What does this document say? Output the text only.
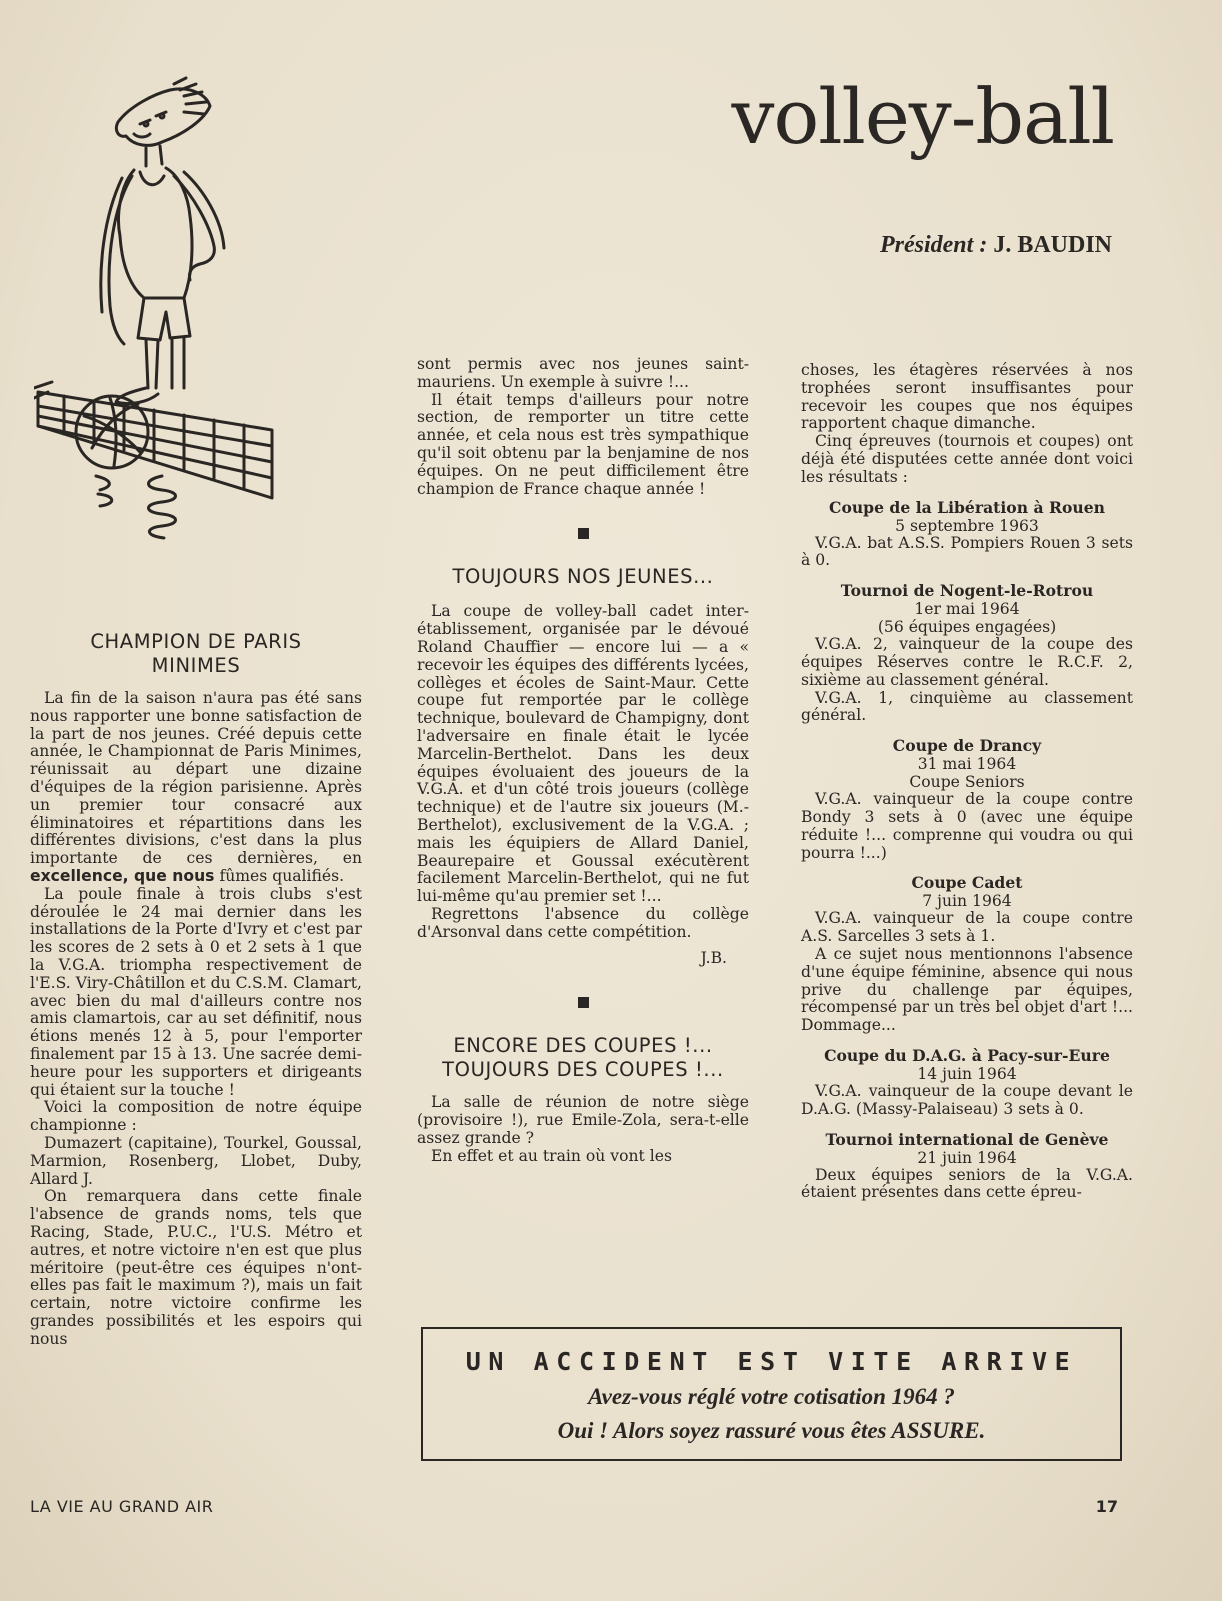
volley-ball
Président : J. BAUDIN
CHAMPION DE PARIS
MINIMES

La fin de la saison n'aura pas été sans nous rapporter une bonne satisfaction de la part de nos jeunes. Créé depuis cette année, le Championnat de Paris Minimes, réunissait au départ une dizaine d'équipes de la région parisienne. Après un premier tour consacré aux éliminatoires et répartitions dans les différentes divisions, c'est dans la plus importante de ces dernières, en excellence, que nous fûmes qualifiés.

La poule finale à trois clubs s'est déroulée le 24 mai dernier dans les installations de la Porte d'Ivry et c'est par les scores de 2 sets à 0 et 2 sets à 1 que la V.G.A. triompha respectivement de l'E.S. Viry-Châtillon et du C.S.M. Clamart, avec bien du mal d'ailleurs contre nos amis clamartois, car au set définitif, nous étions menés 12 à 5, pour l'emporter finalement par 15 à 13. Une sacrée demi-heure pour les supporters et dirigeants qui étaient sur la touche !

Voici la composition de notre équipe championne :

Dumazert (capitaine), Tourkel, Goussal, Marmion, Rosenberg, Llobet, Duby, Allard J.

On remarquera dans cette finale l'absence de grands noms, tels que Racing, Stade, P.U.C., l'U.S. Métro et autres, et notre victoire n'en est que plus méritoire (peut-être ces équipes n'ont-elles pas fait le maximum ?), mais un fait certain, notre victoire confirme les grandes possibilités et les espoirs qui nous

sont permis avec nos jeunes saint-mauriens. Un exemple à suivre !...

Il était temps d'ailleurs pour notre section, de remporter un titre cette année, et cela nous est très sympathique qu'il soit obtenu par la benjamine de nos équipes. On ne peut difficilement être champion de France chaque année !

TOUJOURS NOS JEUNES...

La coupe de volley-ball cadet inter-établissement, organisée par le dévoué Roland Chauffier — encore lui — a « recevoir les équipes des différents lycées, collèges et écoles de Saint-Maur. Cette coupe fut remportée par le collège technique, boulevard de Champigny, dont l'adversaire en finale était le lycée Marcelin-Berthelot. Dans les deux équipes évoluaient des joueurs de la V.G.A. et d'un côté trois joueurs (collège technique) et de l'autre six joueurs (M.-Berthelot), exclusivement de la V.G.A. ; mais les équipiers de Allard Daniel, Beaurepaire et Goussal exécutèrent facilement Marcelin-Berthelot, qui ne fut lui-même qu'au premier set !...

Regrettons l'absence du collège d'Arsonval dans cette compétition.

J.B.
ENCORE DES COUPES !...
TOUJOURS DES COUPES !...

La salle de réunion de notre siège (provisoire !), rue Emile-Zola, sera-t-elle assez grande ?

En effet et au train où vont les

choses, les étagères réservées à nos trophées seront insuffisantes pour recevoir les coupes que nos équipes rapportent chaque dimanche.

Cinq épreuves (tournois et coupes) ont déjà été disputées cette année dont voici les résultats :

Coupe de la Libération à Rouen
5 septembre 1963

V.G.A. bat A.S.S. Pompiers Rouen 3 sets à 0.

Tournoi de Nogent-le-Rotrou
1er mai 1964
(56 équipes engagées)

V.G.A. 2, vainqueur de la coupe des équipes Réserves contre le R.C.F. 2, sixième au classement général.

V.G.A. 1, cinquième au classement général.

Coupe de Drancy
31 mai 1964
Coupe Seniors

V.G.A. vainqueur de la coupe contre Bondy 3 sets à 0 (avec une équipe réduite !... comprenne qui voudra ou qui pourra !...)

Coupe Cadet
7 juin 1964

V.G.A. vainqueur de la coupe contre A.S. Sarcelles 3 sets à 1.

A ce sujet nous mentionnons l'absence d'une équipe féminine, absence qui nous prive du challenge par équipes, récompensé par un très bel objet d'art !... Dommage...

Coupe du D.A.G. à Pacy-sur-Eure
14 juin 1964

V.G.A. vainqueur de la coupe devant le D.A.G. (Massy-Palaiseau) 3 sets à 0.

Tournoi international de Genève
21 juin 1964

Deux équipes seniors de la V.G.A. étaient présentes dans cette épreu-

UN ACCIDENT EST VITE ARRIVE
Avez-vous réglé votre cotisation 1964 ?
Oui ! Alors soyez rassuré vous êtes ASSURE.
LA VIE AU GRAND AIR	17
